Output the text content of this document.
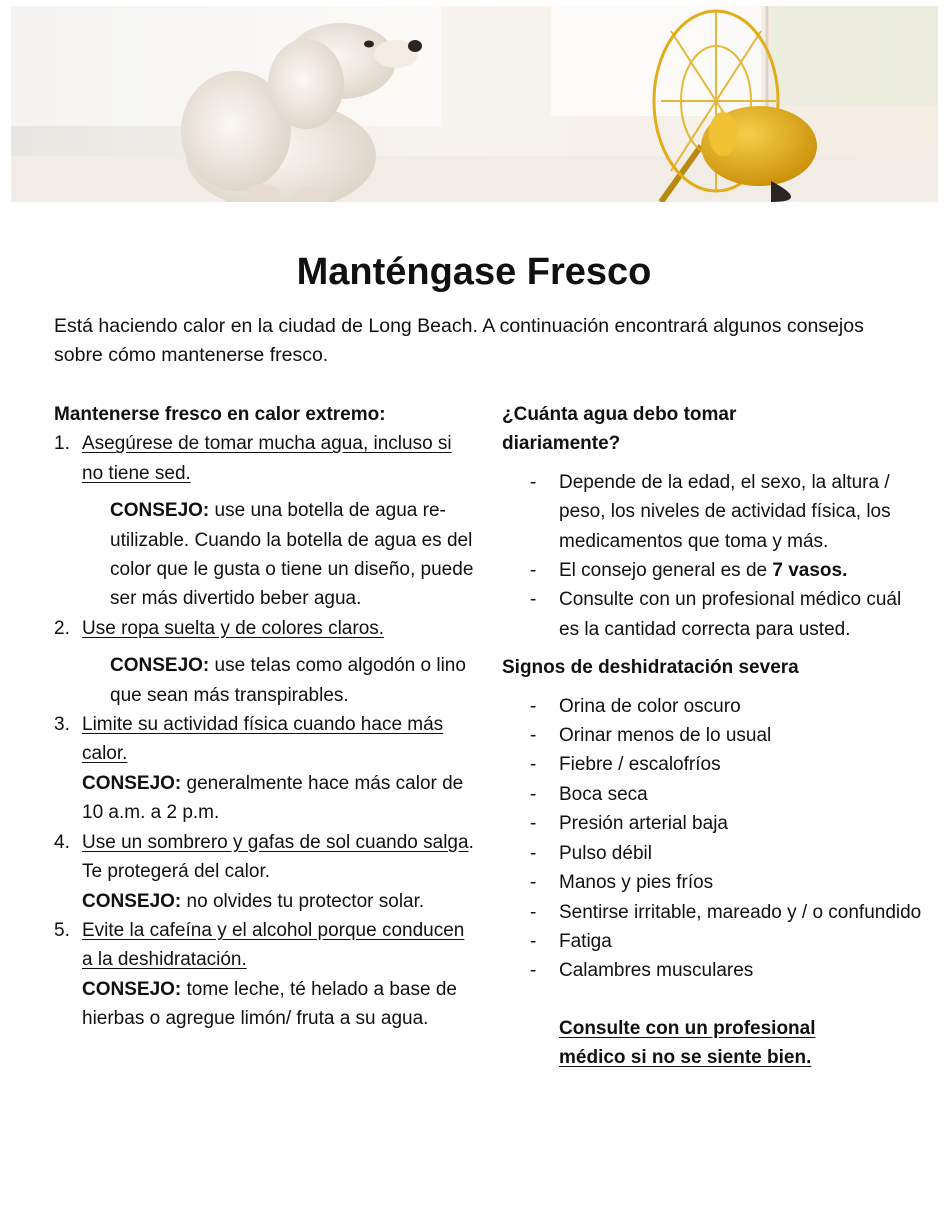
Manténgase Fresco

Está haciendo calor en la ciudad de Long Beach. A continuación encontrará algunos consejos sobre cómo mantenerse fresco.

Mantenerse fresco en calor extremo:

1. Asegúrese de tomar mucha agua, incluso si no tiene sed.

CONSEJO: use una botella de agua re-utilizable. Cuando la botella de agua es del color que le gusta o tiene un diseño, puede ser más divertido beber agua.

2. Use ropa suelta y de colores claros.

CONSEJO: use telas como algodón o lino que sean más transpirables.

3. Limite su actividad física cuando hace más calor.

CONSEJO: generalmente hace más calor de 10 a.m. a 2 p.m.

4. Use un sombrero y gafas de sol cuando salga. Te protegerá del calor.

CONSEJO: no olvides tu protector solar.

5. Evite la cafeína y el alcohol porque conducen a la deshidratación.

CONSEJO: tome leche, té helado a base de hierbas o agregue limón/ fruta a su agua.

¿Cuánta agua debo tomar diariamente?

- Depende de la edad, el sexo, la altura / peso, los niveles de actividad física, los medicamentos que toma y más.
- El consejo general es de 7 vasos.
- Consulte con un profesional médico cuál es la cantidad correcta para usted.

Signos de deshidratación severa

- Orina de color oscuro
- Orinar menos de lo usual
- Fiebre / escalofríos
- Boca seca
- Presión arterial baja
- Pulso débil
- Manos y pies fríos
- Sentirse irritable, mareado y / o confundido
- Fatiga
- Calambres musculares

Consulte con un profesional médico si no se siente bien.
